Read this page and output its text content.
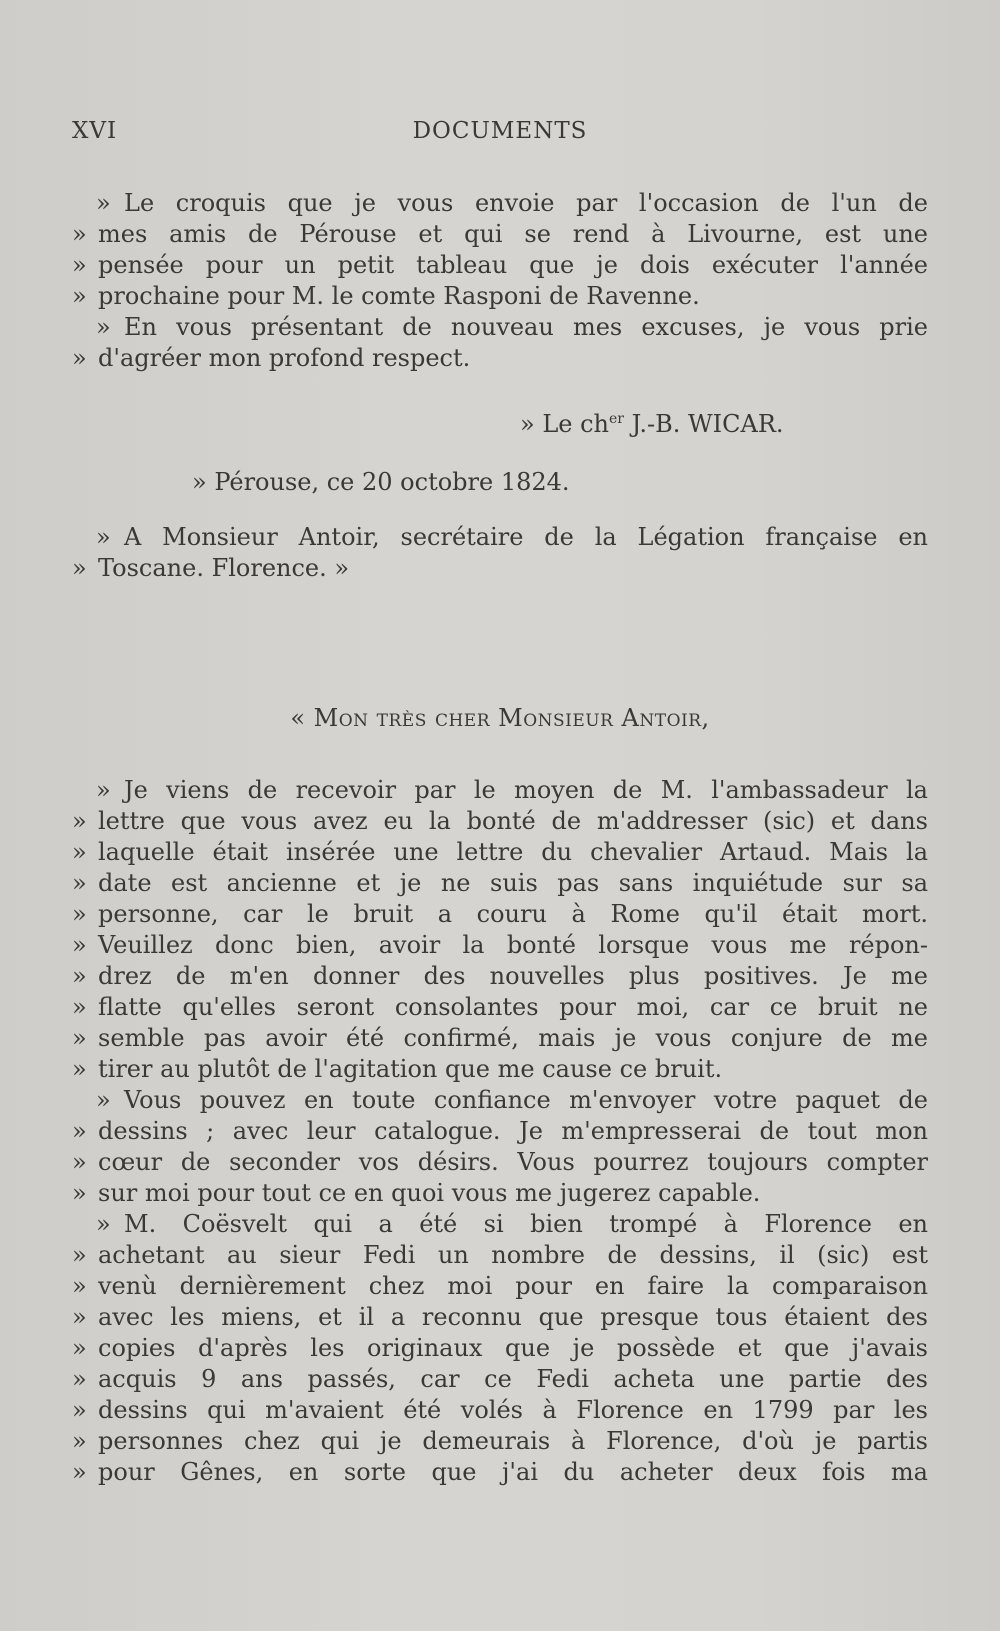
XVI	DOCUMENTS
» Le croquis que je vous envoie par l'occasion de l'un de
» mes amis de Pérouse et qui se rend à Livourne, est une
» pensée pour un petit tableau que je dois exécuter l'année
» prochaine pour M. le comte Rasponi de Ravenne.
» En vous présentant de nouveau mes excuses, je vous prie
» d'agréer mon profond respect.
» Le $ch^{er}$ J.-B. WICAR.
» Pérouse, ce 20 octobre 1824.
» A Monsieur Antoir, secrétaire de la Légation française en
» Toscane. Florence. »
« Mon très cher Monsieur Antoir,
» Je viens de recevoir par le moyen de M. l'ambassadeur la
» lettre que vous avez eu la bonté de m'addresser (sic) et dans
» laquelle était insérée une lettre du chevalier Artaud. Mais la
» date est ancienne et je ne suis pas sans inquiétude sur sa
» personne, car le bruit a couru à Rome qu'il était mort.
» Veuillez donc bien, avoir la bonté lorsque vous me répon-
» drez de m'en donner des nouvelles plus positives. Je me
» flatte qu'elles seront consolantes pour moi, car ce bruit ne
» semble pas avoir été confirmé, mais je vous conjure de me
» tirer au plutôt de l'agitation que me cause ce bruit.
» Vous pouvez en toute confiance m'envoyer votre paquet de
» dessins ; avec leur catalogue. Je m'empresserai de tout mon
» cœur de seconder vos désirs. Vous pourrez toujours compter
» sur moi pour tout ce en quoi vous me jugerez capable.
» M. Coësvelt qui a été si bien trompé à Florence en
» achetant au sieur Fedi un nombre de dessins, il (sic) est
» venù dernièrement chez moi pour en faire la comparaison
» avec les miens, et il a reconnu que presque tous étaient des
» copies d'après les originaux que je possède et que j'avais
» acquis 9 ans passés, car ce Fedi acheta une partie des
» dessins qui m'avaient été volés à Florence en 1799 par les
» personnes chez qui je demeurais à Florence, d'où je partis
» pour Gênes, en sorte que j'ai du acheter deux fois ma
